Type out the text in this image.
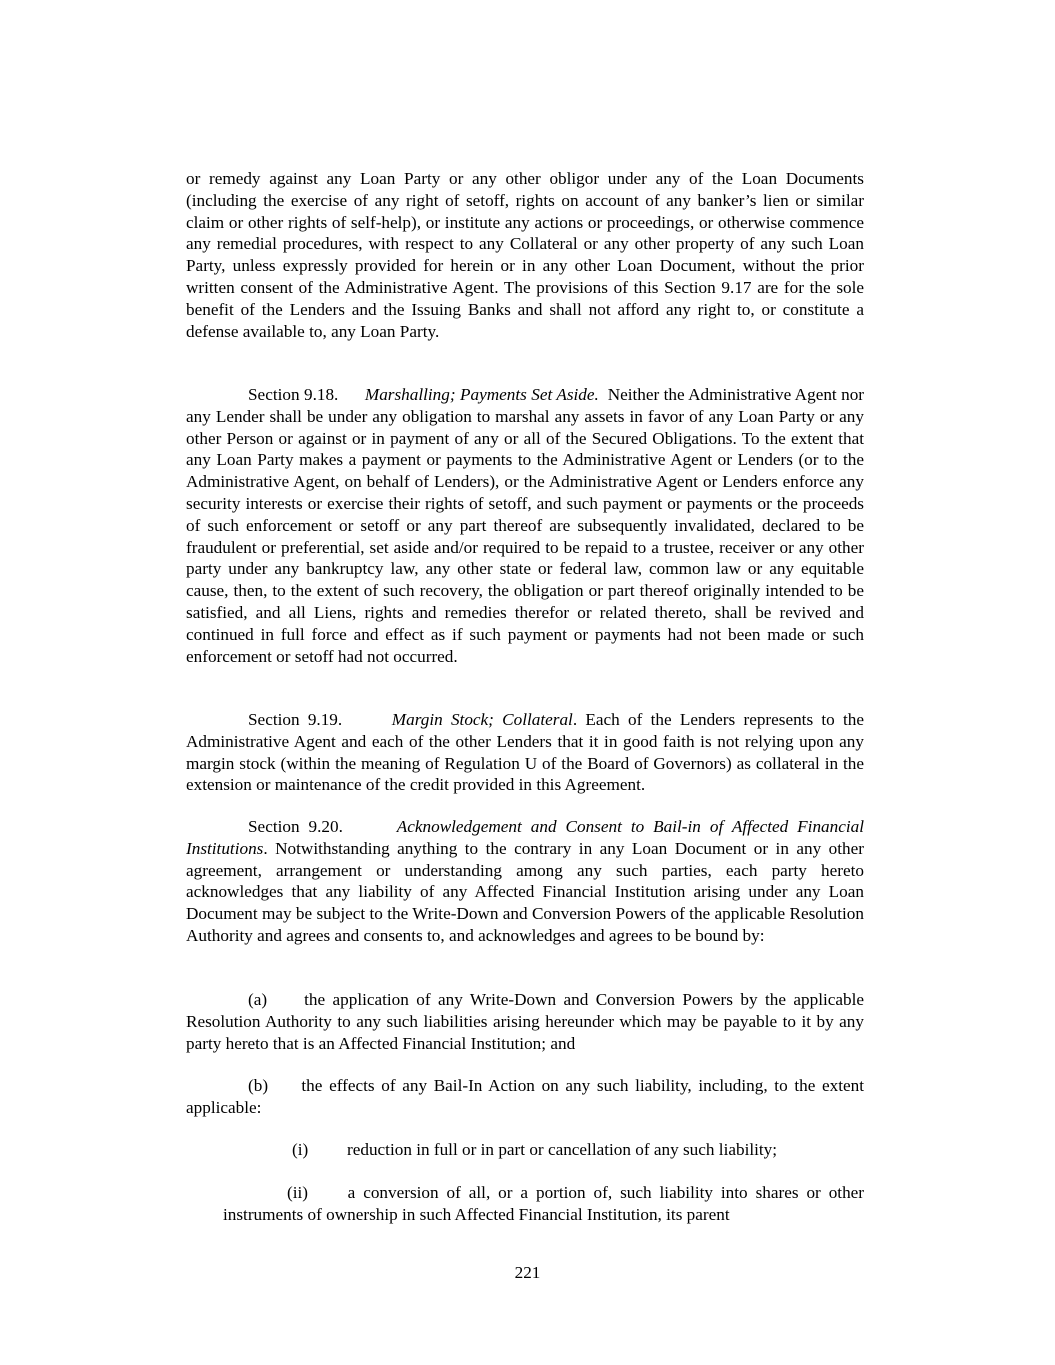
or remedy against any Loan Party or any other obligor under any of the Loan Documents (including the exercise of any right of setoff, rights on account of any banker’s lien or similar claim or other rights of self-help), or institute any actions or proceedings, or otherwise commence any remedial procedures, with respect to any Collateral or any other property of any such Loan Party, unless expressly provided for herein or in any other Loan Document, without the prior written consent of the Administrative Agent. The provisions of this Section 9.17 are for the sole benefit of the Lenders and the Issuing Banks and shall not afford any right to, or constitute a defense available to, any Loan Party.

Section 9.18. Marshalling; Payments Set Aside. Neither the Administrative Agent nor any Lender shall be under any obligation to marshal any assets in favor of any Loan Party or any other Person or against or in payment of any or all of the Secured Obligations. To the extent that any Loan Party makes a payment or payments to the Administrative Agent or Lenders (or to the Administrative Agent, on behalf of Lenders), or the Administrative Agent or Lenders enforce any security interests or exercise their rights of setoff, and such payment or payments or the proceeds of such enforcement or setoff or any part thereof are subsequently invalidated, declared to be fraudulent or preferential, set aside and/or required to be repaid to a trustee, receiver or any other party under any bankruptcy law, any other state or federal law, common law or any equitable cause, then, to the extent of such recovery, the obligation or part thereof originally intended to be satisfied, and all Liens, rights and remedies therefor or related thereto, shall be revived and continued in full force and effect as if such payment or payments had not been made or such enforcement or setoff had not occurred.

Section 9.19.	Margin Stock; Collateral. Each of the Lenders represents to the Administrative Agent and each of the other Lenders that it in good faith is not relying upon any margin stock (within the meaning of Regulation U of the Board of Governors) as collateral in the extension or maintenance of the credit provided in this Agreement.

Section 9.20.	Acknowledgement and Consent to Bail-in of Affected Financial Institutions. Notwithstanding anything to the contrary in any Loan Document or in any other agreement, arrangement or understanding among any such parties, each party hereto acknowledges that any liability of any Affected Financial Institution arising under any Loan Document may be subject to the Write-Down and Conversion Powers of the applicable Resolution Authority and agrees and consents to, and acknowledges and agrees to be bound by:

(a) the application of any Write-Down and Conversion Powers by the applicable Resolution Authority to any such liabilities arising hereunder which may be payable to it by any party hereto that is an Affected Financial Institution; and

(b) the effects of any Bail-In Action on any such liability, including, to the extent applicable:

(i) reduction in full or in part or cancellation of any such liability;

(ii) a conversion of all, or a portion of, such liability into shares or other instruments of ownership in such Affected Financial Institution, its parent

221
